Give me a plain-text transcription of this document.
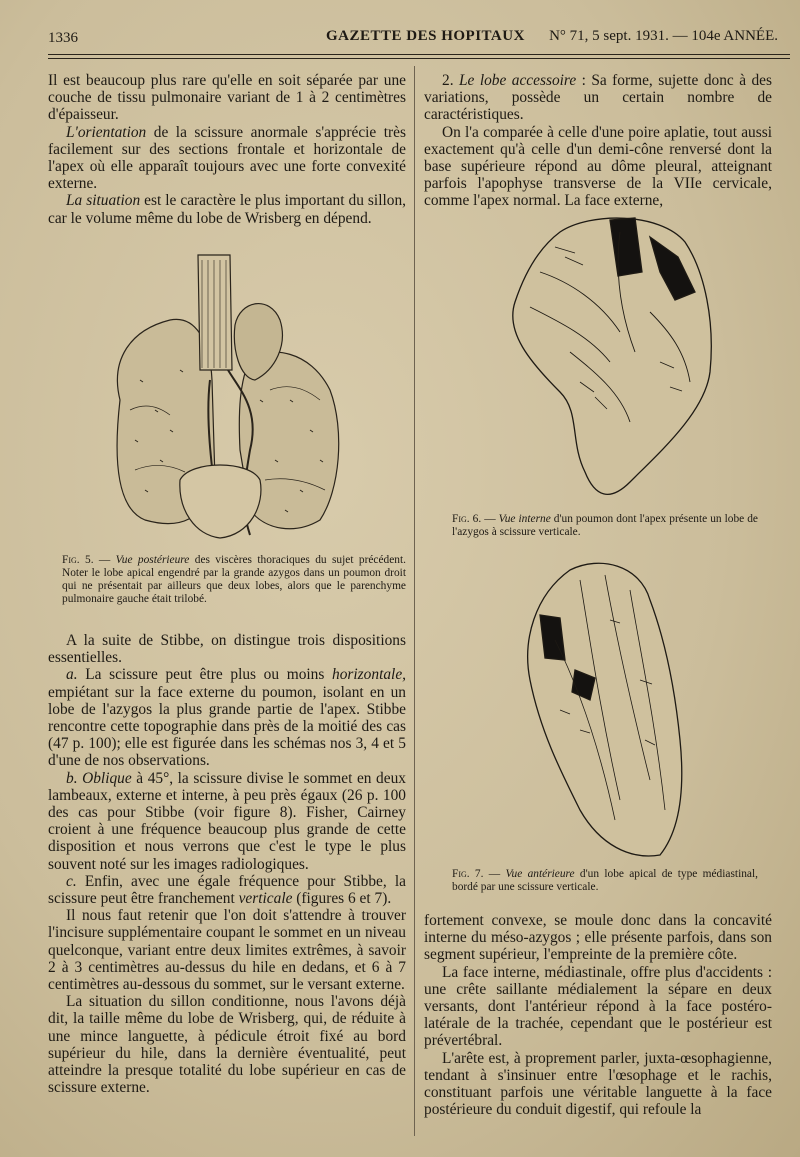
1336	GAZETTE DES HOPITAUX N° 71, 5 sept. 1931. — 104e ANNÉE.

Il est beaucoup plus rare qu'elle en soit séparée par une couche de tissu pulmonaire variant de 1 à 2 centimètres d'épaisseur.

L'orientation de la scissure anormale s'apprécie très facilement sur des sections frontale et horizontale de l'apex où elle apparaît toujours avec une forte convexité externe.

La situation est le caractère le plus important du sillon, car le volume même du lobe de Wrisberg en dépend.

Fig. 5. — Vue postérieure des viscères thoraciques du sujet précédent. Noter le lobe apical engendré par la grande azygos dans un poumon droit qui ne présentait par ailleurs que deux lobes, alors que le parenchyme pulmonaire gauche était trilobé.

A la suite de Stibbe, on distingue trois dispositions essentielles.

a. La scissure peut être plus ou moins horizontale, empiétant sur la face externe du poumon, isolant en un lobe de l'azygos la plus grande partie de l'apex. Stibbe rencontre cette topographie dans près de la moitié des cas (47 p. 100); elle est figurée dans les schémas nos 3, 4 et 5 d'une de nos observations.

b. Oblique à 45°, la scissure divise le sommet en deux lambeaux, externe et interne, à peu près égaux (26 p. 100 des cas pour Stibbe (voir figure 8). Fisher, Cairney croient à une fréquence beaucoup plus grande de cette disposition et nous verrons que c'est le type le plus souvent noté sur les images radiologiques.

c. Enfin, avec une égale fréquence pour Stibbe, la scissure peut être franchement verticale (figures 6 et 7).

Il nous faut retenir que l'on doit s'attendre à trouver l'incisure supplémentaire coupant le sommet en un niveau quelconque, variant entre deux limites extrêmes, à savoir 2 à 3 centimètres au-dessus du hile en dedans, et 6 à 7 centimètres au-dessous du sommet, sur le versant externe.

La situation du sillon conditionne, nous l'avons déjà dit, la taille même du lobe de Wrisberg, qui, de réduite à une mince languette, à pédicule étroit fixé au bord supérieur du hile, dans la dernière éventualité, peut atteindre la presque totalité du lobe supérieur en cas de scissure externe.

2. Le lobe accessoire : Sa forme, sujette donc à des variations, possède un certain nombre de caractéristiques.

On l'a comparée à celle d'une poire aplatie, tout aussi exactement qu'à celle d'un demi-cône renversé dont la base supérieure répond au dôme pleural, atteignant parfois l'apophyse transverse de la VIIe cervicale, comme l'apex normal. La face externe,

Fig. 6. — Vue interne d'un poumon dont l'apex présente un lobe de l'azygos à scissure verticale.
Fig. 7. — Vue antérieure d'un lobe apical de type médiastinal, bordé par une scissure verticale.

fortement convexe, se moule donc dans la concavité interne du méso-azygos ; elle présente parfois, dans son segment supérieur, l'empreinte de la première côte.

La face interne, médiastinale, offre plus d'accidents : une crête saillante médialement la sépare en deux versants, dont l'antérieur répond à la face postéro-latérale de la trachée, cependant que le postérieur est prévertébral.

L'arête est, à proprement parler, juxta-œsophagienne, tendant à s'insinuer entre l'œsophage et le rachis, constituant parfois une véritable languette à la face postérieure du conduit digestif, qui refoule la
